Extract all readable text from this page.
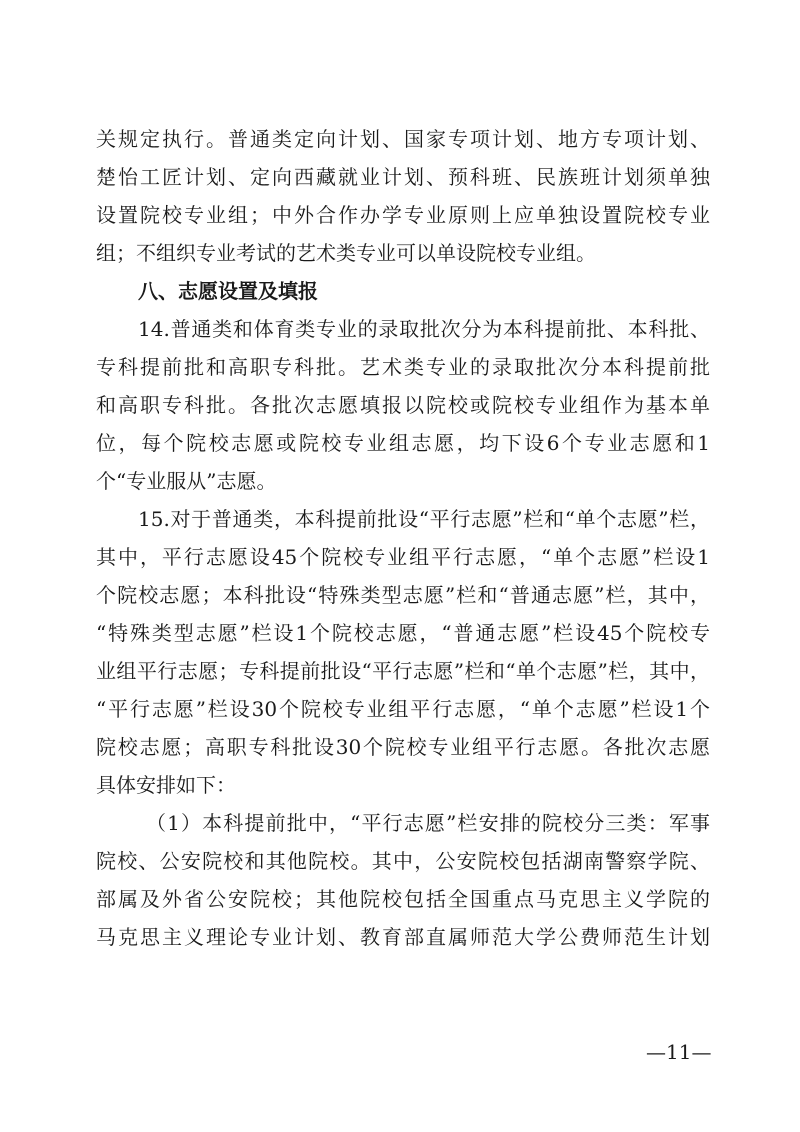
关规定执行。普通类定向计划、国家专项计划、地方专项计划、
楚怡工匠计划、定向西藏就业计划、预科班、民族班计划须单独
设置院校专业组；中外合作办学专业原则上应单独设置院校专业
组；不组织专业考试的艺术类专业可以单设院校专业组。
八、志愿设置及填报
14.普通类和体育类专业的录取批次分为本科提前批、本科批、
专科提前批和高职专科批。艺术类专业的录取批次分本科提前批
和高职专科批。各批次志愿填报以院校或院校专业组作为基本单
位，每个院校志愿或院校专业组志愿，均下设6个专业志愿和1
个“专业服从”志愿。
15.对于普通类，本科提前批设“平行志愿”栏和“单个志愿”栏，
其中，平行志愿设45个院校专业组平行志愿，“单个志愿”栏设1
个院校志愿；本科批设“特殊类型志愿”栏和“普通志愿”栏，其中，
“特殊类型志愿”栏设1个院校志愿，“普通志愿”栏设45个院校专
业组平行志愿；专科提前批设“平行志愿”栏和“单个志愿”栏，其中，
“平行志愿”栏设30个院校专业组平行志愿，“单个志愿”栏设1个
院校志愿；高职专科批设30个院校专业组平行志愿。各批次志愿
具体安排如下：
（1）本科提前批中，“平行志愿”栏安排的院校分三类：军事
院校、公安院校和其他院校。其中，公安院校包括湖南警察学院、
部属及外省公安院校；其他院校包括全国重点马克思主义学院的
马克思主义理论专业计划、教育部直属师范大学公费师范生计划
—11—
